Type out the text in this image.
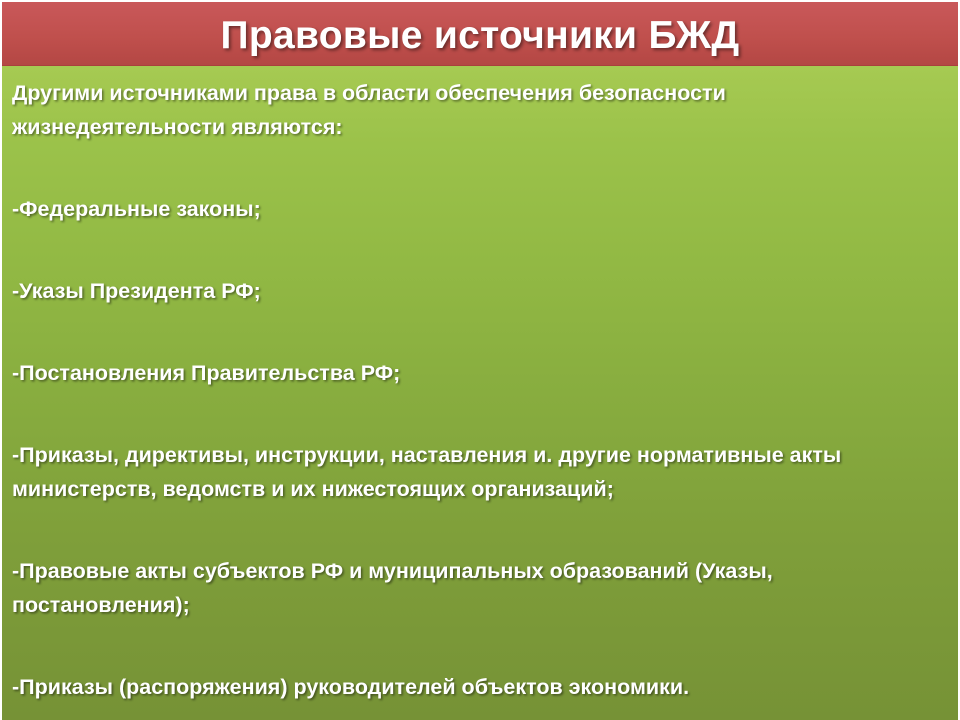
Правовые источники БЖД

Другими источниками права в области обеспечения безопасности жизнедеятельности являются:

-Федеральные законы;

-Указы Президента РФ;

-Постановления Правительства РФ;

-Приказы, директивы, инструкции, наставления и. другие нормативные акты министерств, ведомств и их нижестоящих организаций;

-Правовые акты субъектов РФ и муниципальных образований (Указы, постановления);

-Приказы (распоряжения) руководителей объектов экономики.
